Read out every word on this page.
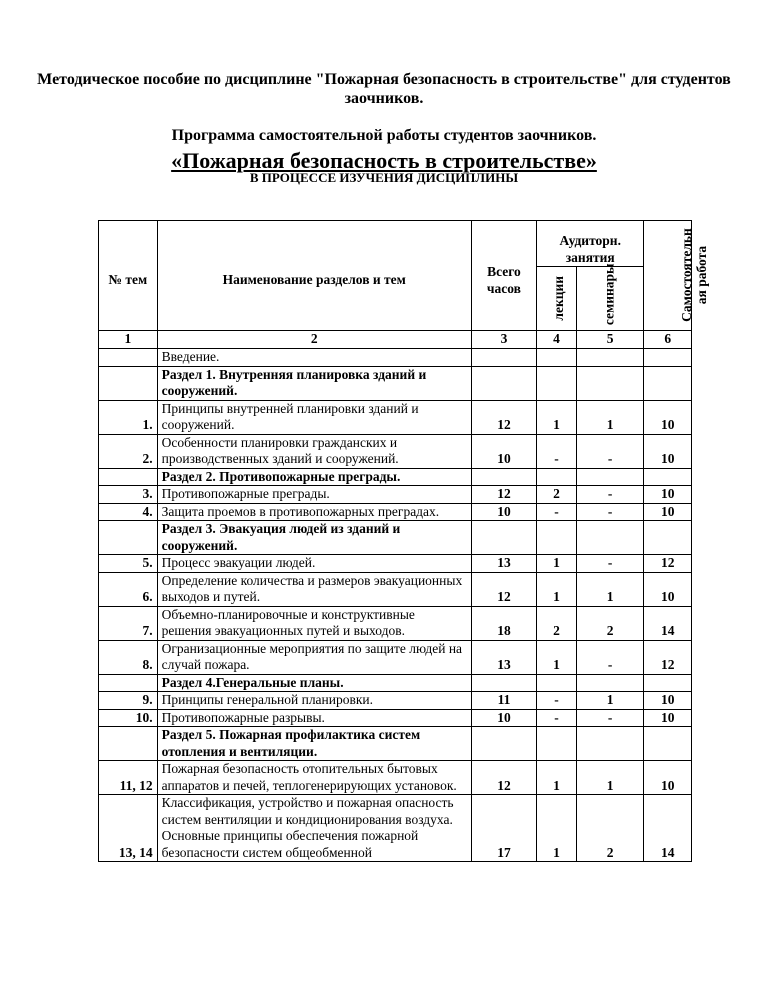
Методическое пособие по дисциплине "Пожарная безопасность в строительстве" для студентов заочников.
Программа самостоятельной работы студентов заочников.
«Пожарная безопасность в строительстве»
В ПРОЦЕССЕ ИЗУЧЕНИЯ ДИСЦИПЛИНЫ
№ тем	Наименование разделов и тем	Всего часов	Аудиторн. занятия		Самостоятельн ая работа
			лекции	семинары	
1	2	3	4	5	6
	Введение.				
	Раздел 1. Внутренняя планировка зданий и сооружений.				
1.	Принципы внутренней планировки зданий и сооружений.	12	1	1	10
2.	Особенности планировки гражданских и производственных зданий и сооружений.	10	-	-	10
	Раздел 2. Противопожарные преграды.				
3.	Противопожарные преграды.	12	2	-	10
4.	Защита проемов в противопожарных преградах.	10	-	-	10
	Раздел 3. Эвакуация людей из зданий и сооружений.				
5.	Процесс эвакуации людей.	13	1	-	12
6.	Определение количества и размеров эвакуационных выходов и путей.	12	1	1	10
7.	Объемно-планировочные и конструктивные решения эвакуационных путей и выходов.	18	2	2	14
8.	Огранизационные мероприятия по защите людей на случай пожара.	13	1	-	12
	Раздел 4.Генеральные планы.				
9.	Принципы генеральной планировки.	11	-	1	10
10.	Противопожарные разрывы.	10	-	-	10
	Раздел 5. Пожарная профилактика систем отопления и вентиляции.				
11, 12	Пожарная безопасность отопительных бытовых аппаратов и печей, теплогенерирующих установок.	12	1	1	10
13, 14	Классификация, устройство и пожарная опасность систем вентиляции и кондиционирования воздуха. Основные принципы обеспечения пожарной безопасности систем общеобменной	17	1	2	14
